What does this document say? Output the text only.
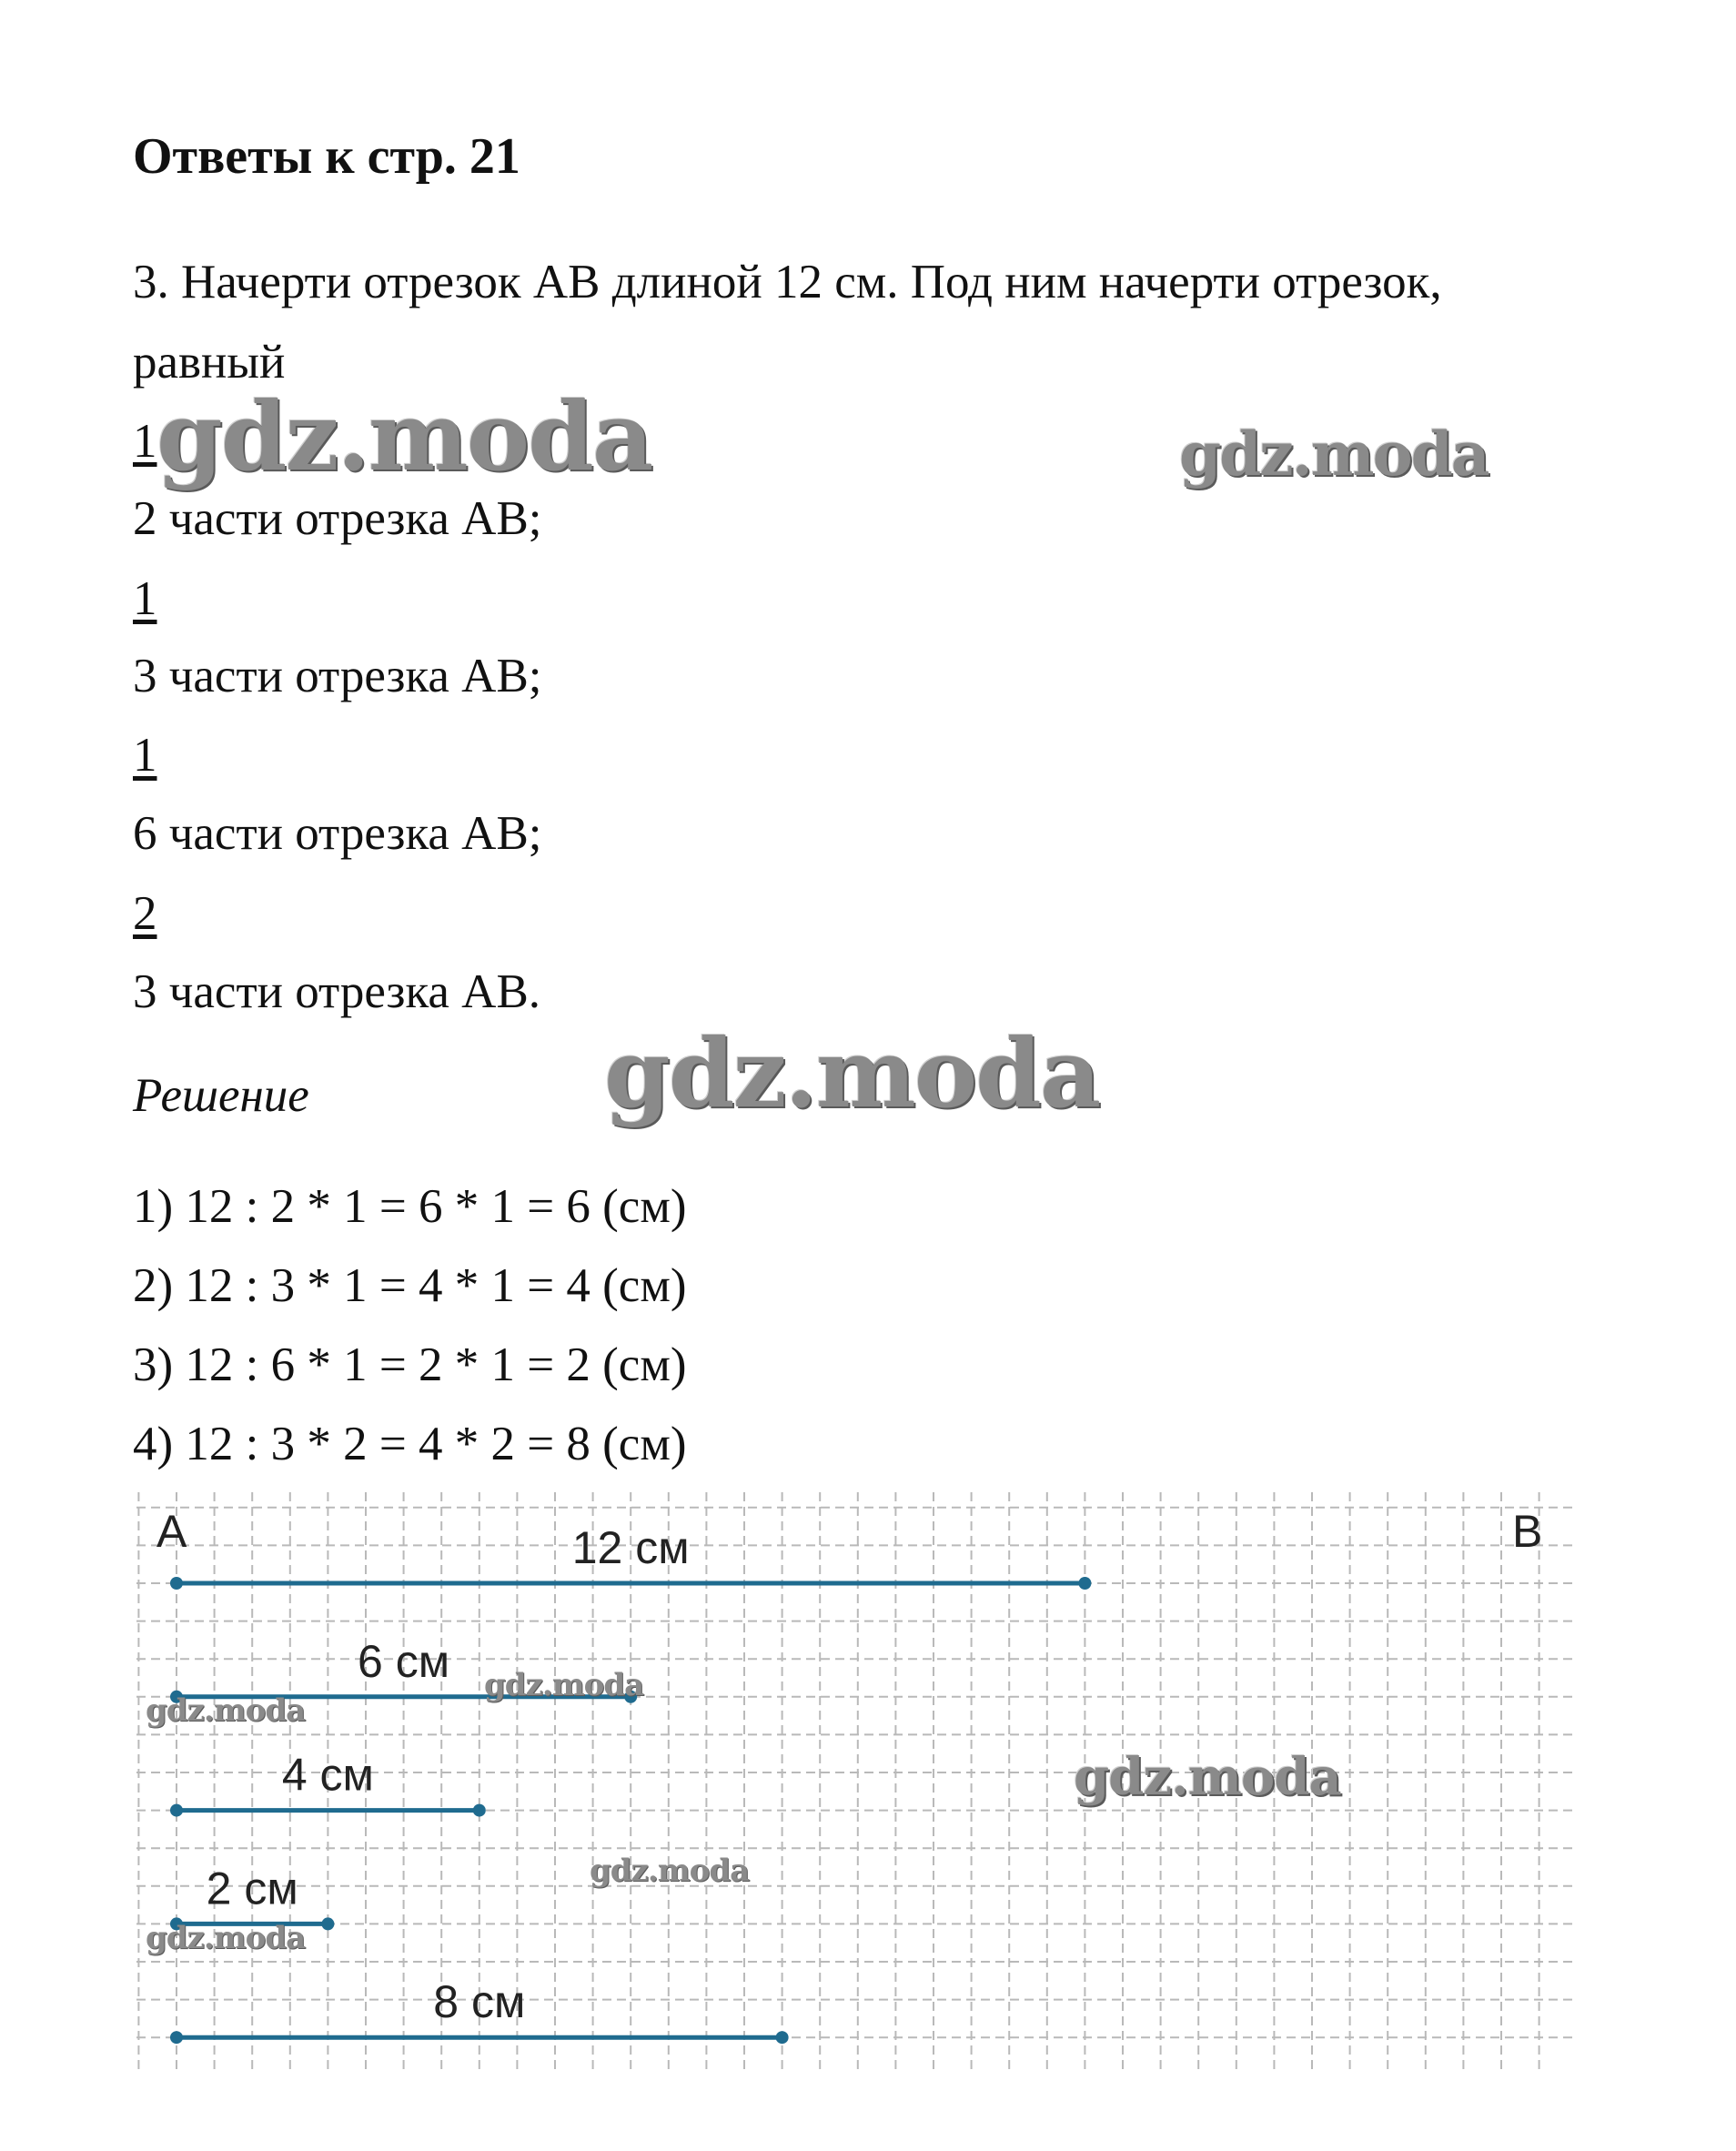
Ответы к стр. 21
3. Начерти отрезок АВ длиной 12 см. Под ним начерти отрезок,
равный
1
2 части отрезка АВ;
1
3 части отрезка АВ;
1
6 части отрезка АВ;
2
3 части отрезка АВ.
Решение
1) 12 : 2 * 1 = 6 * 1 = 6 (см)
2) 12 : 3 * 1 = 4 * 1 = 4 (см)
3) 12 : 6 * 1 = 2 * 1 = 2 (см)
4) 12 : 3 * 2 = 4 * 2 = 8 (см)
A	B
12 см
6 см
4 см
2 см
8 см
gdz.moda	gdz.moda
gdz.moda
gdz.moda
gdz.moda
gdz.moda
gdz.moda
gdz.moda
